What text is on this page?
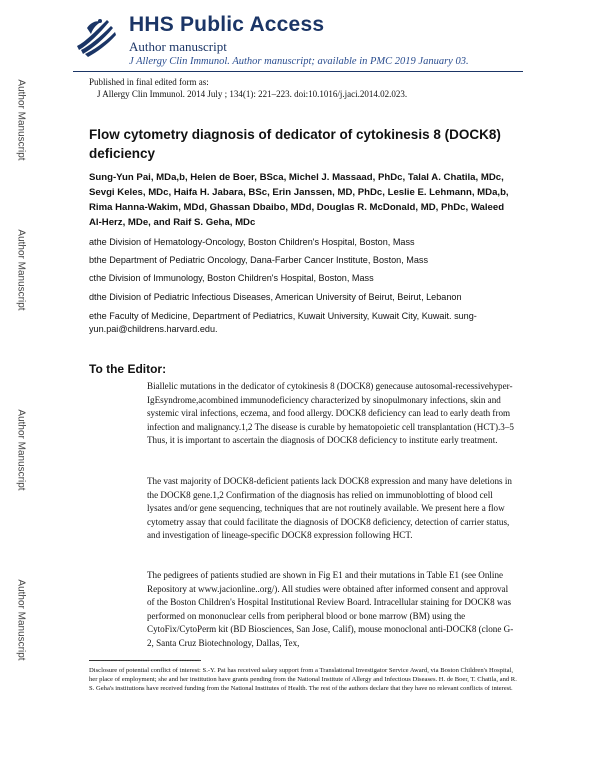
Author Manuscript
Author Manuscript
Author Manuscript
Author Manuscript
HHS Public Access
Author manuscript
J Allergy Clin Immunol. Author manuscript; available in PMC 2019 January 03.
Published in final edited form as:
J Allergy Clin Immunol. 2014 July ; 134(1): 221–223. doi:10.1016/j.jaci.2014.02.023.
Flow cytometry diagnosis of dedicator of cytokinesis 8 (DOCK8) deficiency
Sung-Yun Pai, MDa,b, Helen de Boer, BSca, Michel J. Massaad, PhDc, Talal A. Chatila, MDc, Sevgi Keles, MDc, Haifa H. Jabara, BSc, Erin Janssen, MD, PhDc, Leslie E. Lehmann, MDa,b, Rima Hanna-Wakim, MDd, Ghassan Dbaibo, MDd, Douglas R. McDonald, MD, PhDc, Waleed Al-Herz, MDe, and Raif S. Geha, MDc
athe Division of Hematology-Oncology, Boston Children's Hospital, Boston, Mass
bthe Department of Pediatric Oncology, Dana-Farber Cancer Institute, Boston, Mass
cthe Division of Immunology, Boston Children's Hospital, Boston, Mass
dthe Division of Pediatric Infectious Diseases, American University of Beirut, Beirut, Lebanon
ethe Faculty of Medicine, Department of Pediatrics, Kuwait University, Kuwait City, Kuwait. sung-yun.pai@childrens.harvard.edu.
To the Editor:

Biallelic mutations in the dedicator of cytokinesis 8 (DOCK8) genecause autosomal-recessivehyper-IgEsyndrome,acombined immunodeficiency characterized by sinopulmonary infections, skin and systemic viral infections, eczema, and food allergy. DOCK8 deficiency can lead to early death from infection and malignancy.1,2 The disease is curable by hematopoietic cell transplantation (HCT).3–5 Thus, it is important to ascertain the diagnosis of DOCK8 deficiency to institute early treatment.

The vast majority of DOCK8-deficient patients lack DOCK8 expression and many have deletions in the DOCK8 gene.1,2 Confirmation of the diagnosis has relied on immunoblotting of blood cell lysates and/or gene sequencing, techniques that are not routinely available. We present here a flow cytometry assay that could facilitate the diagnosis of DOCK8 deficiency, detection of carrier status, and investigation of lineage-specific DOCK8 expression following HCT.

The pedigrees of patients studied are shown in Fig E1 and their mutations in Table E1 (see Online Repository at www.jacionline..org/). All studies were obtained after informed consent and approval of the Boston Children's Hospital Institutional Review Board. Intracellular staining for DOCK8 was performed on mononuclear cells from peripheral blood or bone marrow (BM) using the CytoFix/CytoPerm kit (BD Biosciences, San Jose, Calif), mouse monoclonal anti-DOCK8 (clone G-2, Santa Cruz Biotechnology, Dallas, Tex,

Disclosure of potential conflict of interest: S.-Y. Pai has received salary support from a Translational Investigator Service Award, via Boston Children's Hospital, her place of employment; she and her institution have grants pending from the National Institute of Allergy and Infectious Diseases. H. de Boer, T. Chatila, and R. S. Geha's institutions have received funding from the National Institutes of Health. The rest of the authors declare that they have no relevant conflicts of interest.
